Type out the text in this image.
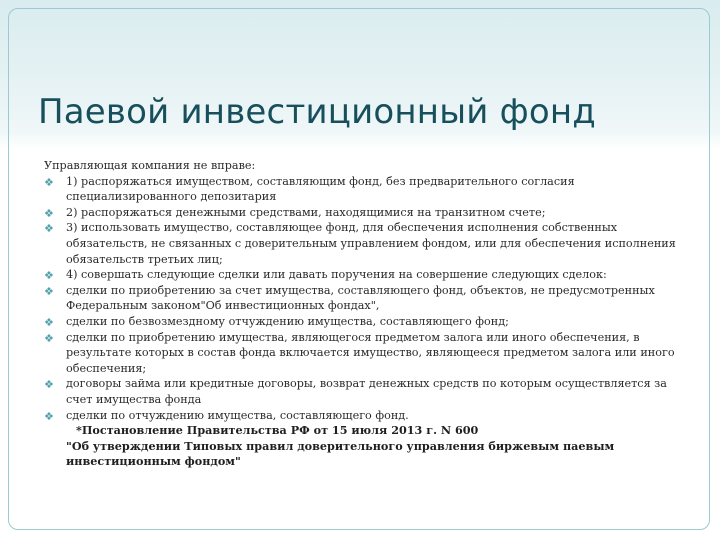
Паевой инвестиционный фонд

Управляющая компания не вправе:

❖ 1) распоряжаться имуществом, составляющим фонд, без предварительного согласия специализированного депозитария
❖ 2) распоряжаться денежными средствами, находящимися на транзитном счете;
❖ 3) использовать имущество, составляющее фонд, для обеспечения исполнения собственных обязательств, не связанных с доверительным управлением фондом, или для обеспечения исполнения обязательств третьих лиц;
❖ 4) совершать следующие сделки или давать поручения на совершение следующих сделок:
❖ сделки по приобретению за счет имущества, составляющего фонд, объектов, не предусмотренных Федеральным законом"Об инвестиционных фондах",
❖ сделки по безвозмездному отчуждению имущества, составляющего фонд;
❖ сделки по приобретению имущества, являющегося предметом залога или иного обеспечения, в результате которых в состав фонда включается имущество, являющееся предметом залога или иного обеспечения;
❖ договоры займа или кредитные договоры, возврат денежных средств по которым осуществляется за счет имущества фонда
❖ сделки по отчуждению имущества, составляющего фонд.

*Постановление Правительства РФ от 15 июля 2013 г. N 600

"Об утверждении Типовых правил доверительного управления биржевым паевым инвестиционным фондом"
